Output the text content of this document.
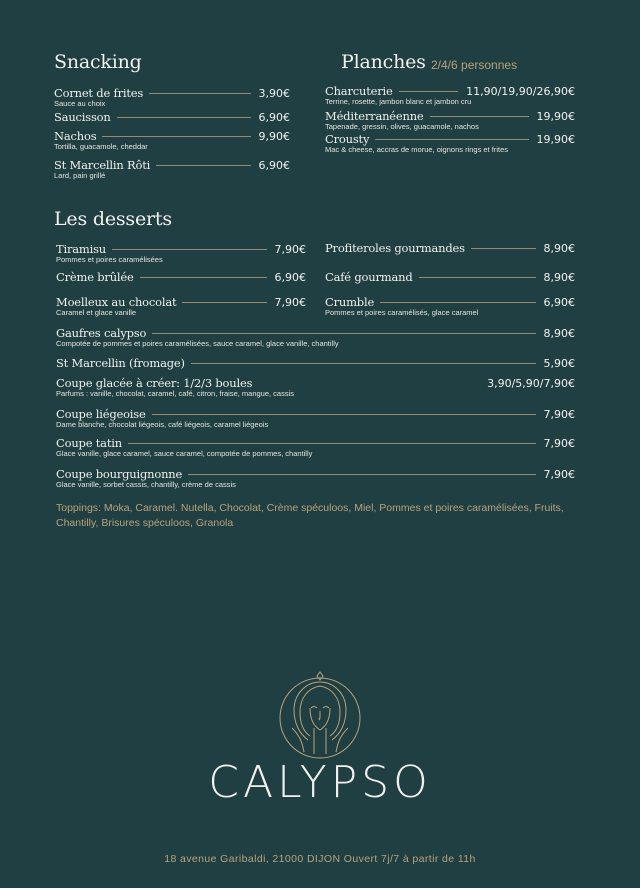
Snacking	Planches 2/4/6 personnes
Les desserts
Cornet de frites	3,90€
Sauce au choix
Saucisson	6,90€
Nachos	9,90€
Tortilla, guacamole, cheddar
St Marcellin Rôti	6,90€
Lard, pain grillé
Charcuterie	11,90/19,90/26,90€
Terrine, rosette, jambon blanc et jambon cru
Méditerranéenne	19,90€
Tapenade, gressin, olives, guacamole, nachos
Crousty	19,90€
Mac & cheese, accras de morue, oignons rings et frites
Tiramisu	7,90€
Pommes et poires caramélisées
Crème brûlée	6,90€
Moelleux au chocolat	7,90€
Caramel et glace vanille
Profiteroles gourmandes	8,90€
Café gourmand	8,90€
Crumble	6,90€
Pommes et poires caramélisés, glace caramel
Gaufres calypso	8,90€
Compotée de pommes et poires caramélisées, sauce caramel, glace vanille, chantilly
St Marcellin (fromage)	5,90€
Coupe glacée à créer: 1/2/3 boules	3,90/5,90/7,90€
Parfums : vanille, chocolat, caramel, café, citron, fraise, mangue, cassis
Coupe liégeoise	7,90€
Dame blanche, chocolat liégeois, café liégeois, caramel liégeois
Coupe tatin	7,90€
Glace vanille, glace caramel, sauce caramel, compotée de pommes, chantilly
Coupe bourguignonne	7,90€
Glace vanille, sorbet cassis, chantilly, crème de cassis
Toppings: Moka, Caramel. Nutella, Chocolat, Crème spéculoos, Miel, Pommes et poires caramélisées, Fruits, Chantilly, Brisures spéculoos, Granola
CALYPSO
18 avenue Garibaldi, 21000 DIJON Ouvert 7j/7 à partir de 11h
